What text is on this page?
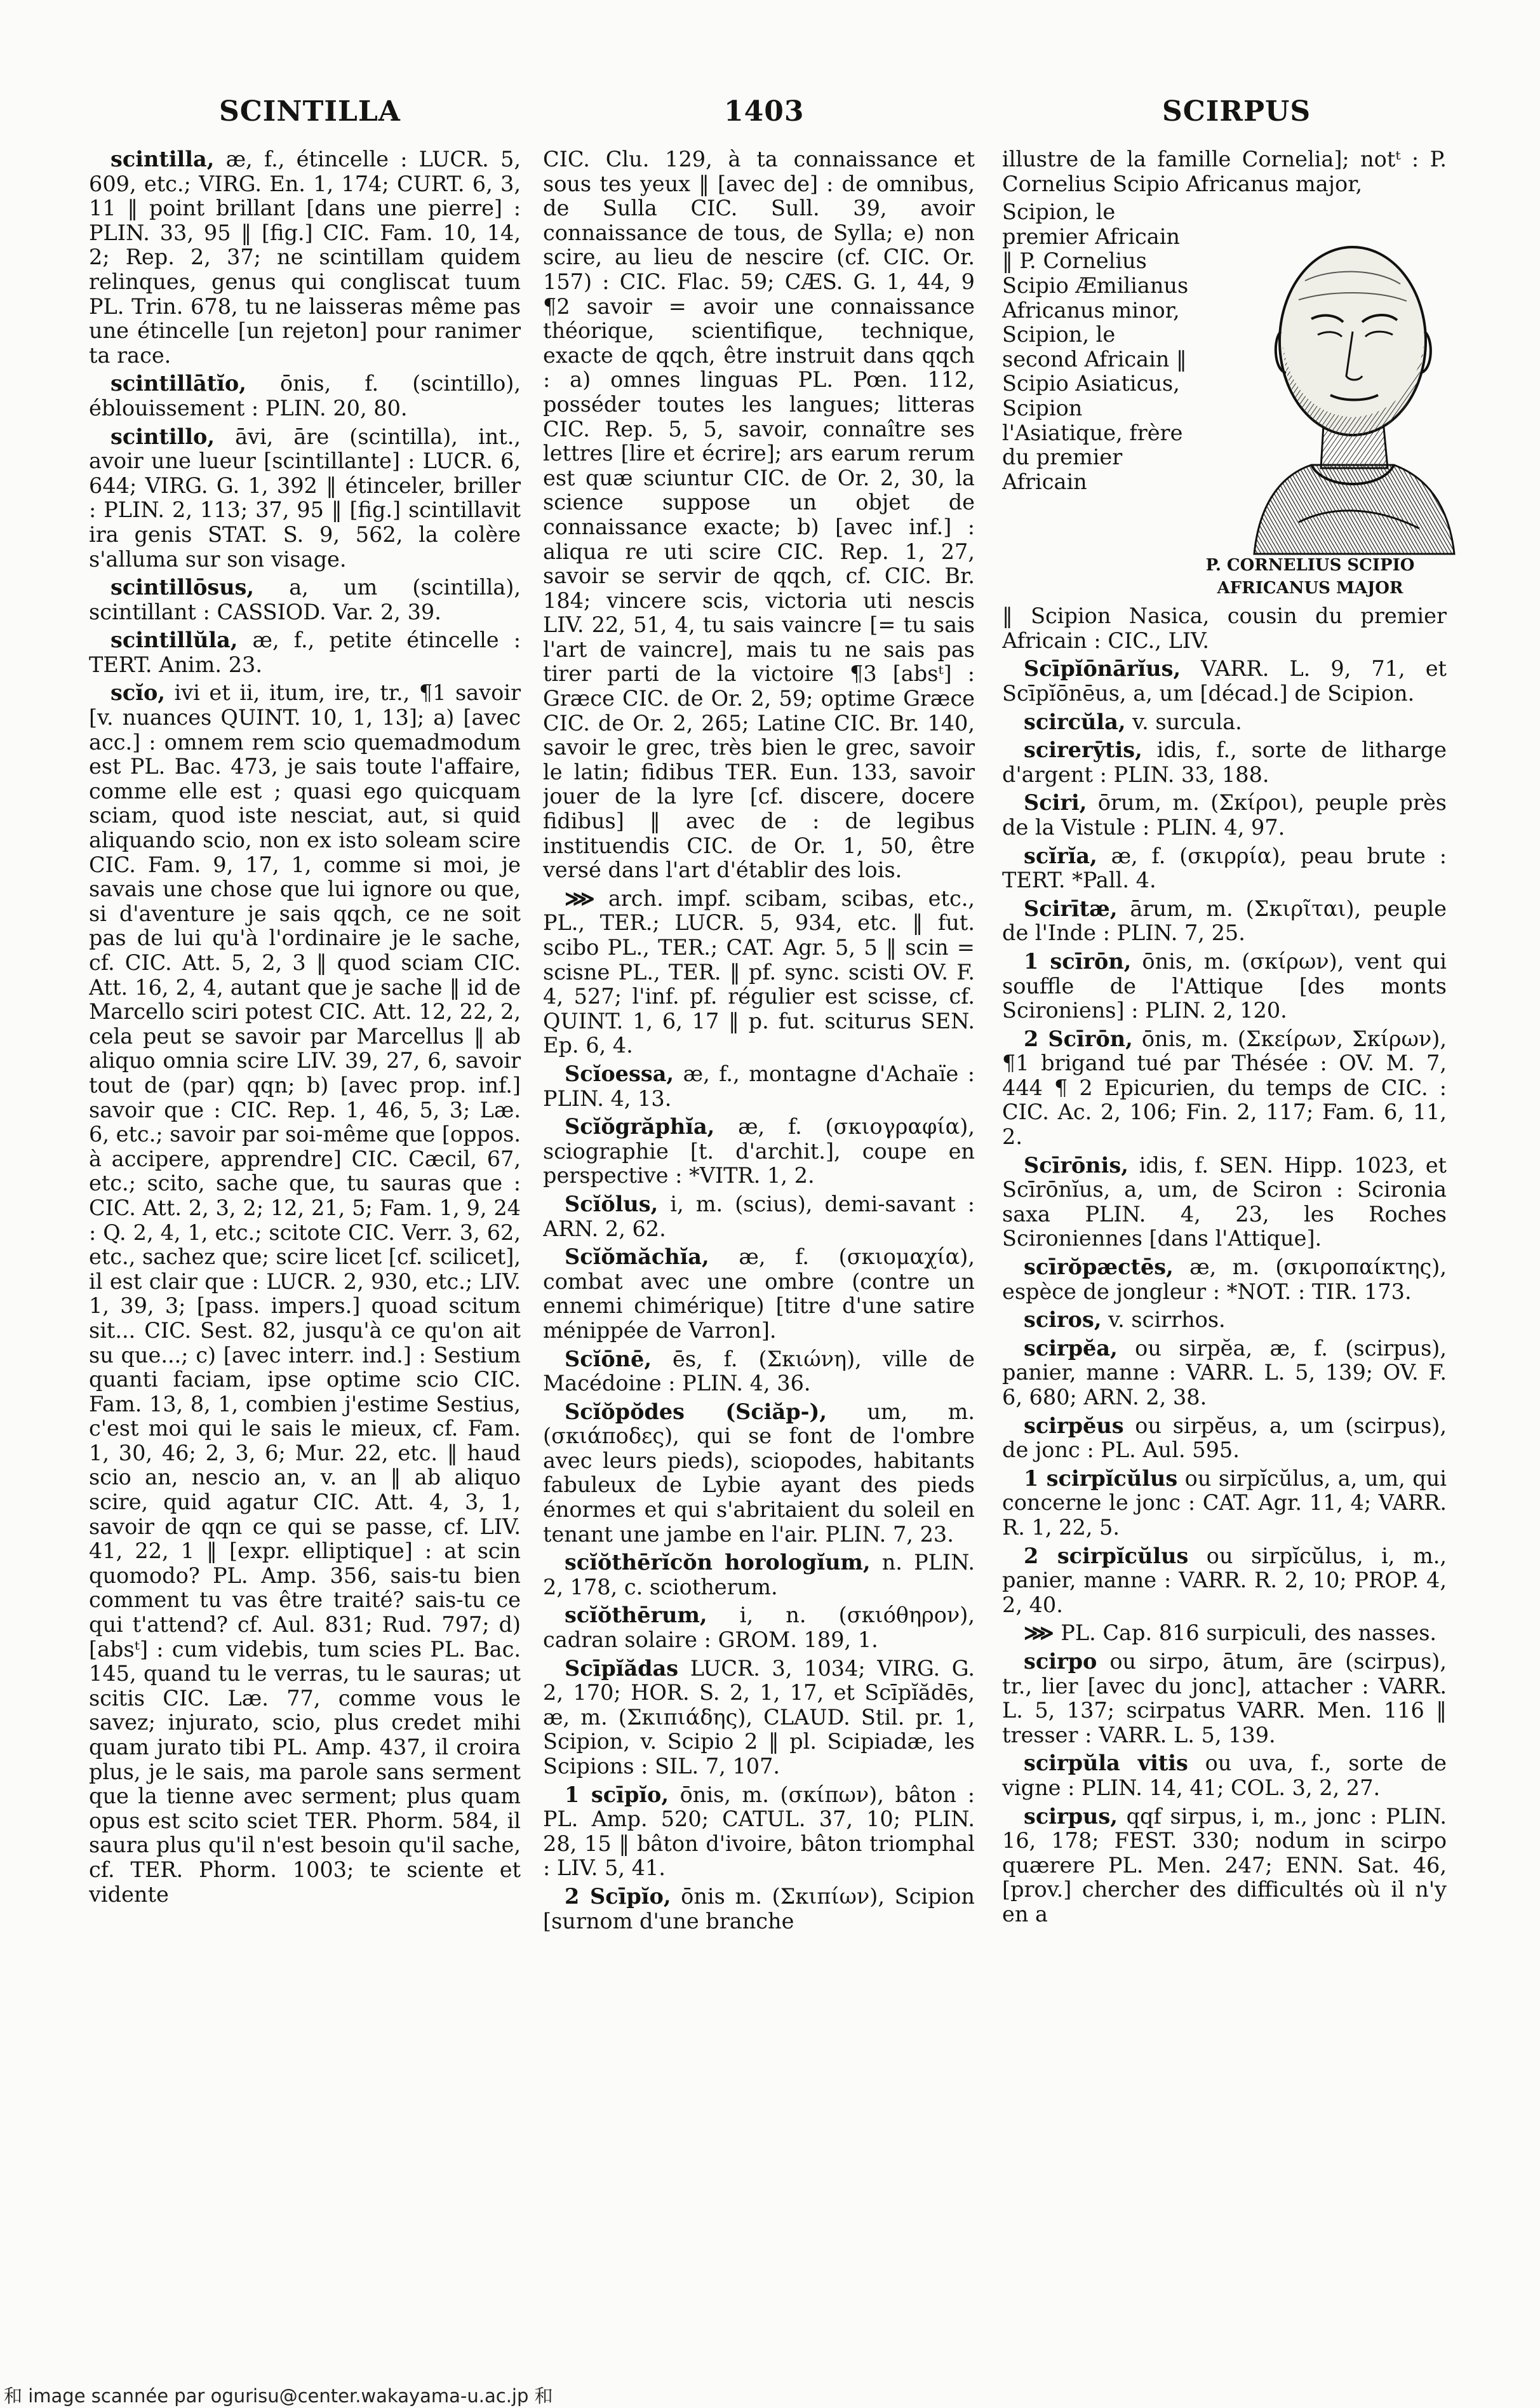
SCINTILLA	1403	SCIRPUS

scintilla, æ, f., étincelle : LUCR. 5, 609, etc.; VIRG. En. 1, 174; CURT. 6, 3, 11 ‖ point brillant [dans une pierre] : PLIN. 33, 95 ‖ [fig.] CIC. Fam. 10, 14, 2; Rep. 2, 37; ne scintillam quidem relinques, genus qui congliscat tuum PL. Trin. 678, tu ne laisseras même pas une étincelle [un rejeton] pour ranimer ta race.

scintillātĭo, ōnis, f. (scintillo), éblouissement : PLIN. 20, 80.

scintillo, āvi, āre (scintilla), int., avoir une lueur [scintillante] : LUCR. 6, 644; VIRG. G. 1, 392 ‖ étinceler, briller : PLIN. 2, 113; 37, 95 ‖ [fig.] scintillavit ira genis STAT. S. 9, 562, la colère s'alluma sur son visage.

scintillōsus, a, um (scintilla), scintillant : CASSIOD. Var. 2, 39.

scintillŭla, æ, f., petite étincelle : TERT. Anim. 23.

scĭo, ivi et ii, itum, ire, tr., ¶1 savoir [v. nuances QUINT. 10, 1, 13]; a) [avec acc.] : omnem rem scio quemadmodum est PL. Bac. 473, je sais toute l'affaire, comme elle est ; quasi ego quicquam sciam, quod iste nesciat, aut, si quid aliquando scio, non ex isto soleam scire CIC. Fam. 9, 17, 1, comme si moi, je savais une chose que lui ignore ou que, si d'aventure je sais qqch, ce ne soit pas de lui qu'à l'ordinaire je le sache, cf. CIC. Att. 5, 2, 3 ‖ quod sciam CIC. Att. 16, 2, 4, autant que je sache ‖ id de Marcello sciri potest CIC. Att. 12, 22, 2, cela peut se savoir par Marcellus ‖ ab aliquo omnia scire LIV. 39, 27, 6, savoir tout de (par) qqn; b) [avec prop. inf.] savoir que : CIC. Rep. 1, 46, 5, 3; Læ. 6, etc.; savoir par soi-même que [oppos. à accipere, apprendre] CIC. Cæcil, 67, etc.; scito, sache que, tu sauras que : CIC. Att. 2, 3, 2; 12, 21, 5; Fam. 1, 9, 24 : Q. 2, 4, 1, etc.; scitote CIC. Verr. 3, 62, etc., sachez que; scire licet [cf. scilicet], il est clair que : LUCR. 2, 930, etc.; LIV. 1, 39, 3; [pass. impers.] quoad scitum sit... CIC. Sest. 82, jusqu'à ce qu'on ait su que...; c) [avec interr. ind.] : Sestium quanti faciam, ipse optime scio CIC. Fam. 13, 8, 1, combien j'estime Sestius, c'est moi qui le sais le mieux, cf. Fam. 1, 30, 46; 2, 3, 6; Mur. 22, etc. ‖ haud scio an, nescio an, v. an ‖ ab aliquo scire, quid agatur CIC. Att. 4, 3, 1, savoir de qqn ce qui se passe, cf. LIV. 41, 22, 1 ‖ [expr. elliptique] : at scin quomodo? PL. Amp. 356, sais-tu bien comment tu vas être traité? sais-tu ce qui t'attend? cf. Aul. 831; Rud. 797; d) [absᵗ] : cum videbis, tum scies PL. Bac. 145, quand tu le verras, tu le sauras; ut scitis CIC. Læ. 77, comme vous le savez; injurato, scio, plus credet mihi quam jurato tibi PL. Amp. 437, il croira plus, je le sais, ma parole sans serment que la tienne avec serment; plus quam opus est scito sciet TER. Phorm. 584, il saura plus qu'il n'est besoin qu'il sache, cf. TER. Phorm. 1003; te sciente et vidente

CIC. Clu. 129, à ta connaissance et sous tes yeux ‖ [avec de] : de omnibus, de Sulla CIC. Sull. 39, avoir connaissance de tous, de Sylla; e) non scire, au lieu de nescire (cf. CIC. Or. 157) : CIC. Flac. 59; CÆS. G. 1, 44, 9 ¶2 savoir = avoir une connaissance théorique, scientifique, technique, exacte de qqch, être instruit dans qqch : a) omnes linguas PL. Pœn. 112, posséder toutes les langues; litteras CIC. Rep. 5, 5, savoir, connaître ses lettres [lire et écrire]; ars earum rerum est quæ sciuntur CIC. de Or. 2, 30, la science suppose un objet de connaissance exacte; b) [avec inf.] : aliqua re uti scire CIC. Rep. 1, 27, savoir se servir de qqch, cf. CIC. Br. 184; vincere scis, victoria uti nescis LIV. 22, 51, 4, tu sais vaincre [= tu sais l'art de vaincre], mais tu ne sais pas tirer parti de la victoire ¶3 [absᵗ] : Græce CIC. de Or. 2, 59; optime Græce CIC. de Or. 2, 265; Latine CIC. Br. 140, savoir le grec, très bien le grec, savoir le latin; fidibus TER. Eun. 133, savoir jouer de la lyre [cf. discere, docere fidibus] ‖ avec de : de legibus instituendis CIC. de Or. 1, 50, être versé dans l'art d'établir des lois.

⋙ arch. impf. scibam, scibas, etc., PL., TER.; LUCR. 5, 934, etc. ‖ fut. scibo PL., TER.; CAT. Agr. 5, 5 ‖ scin = scisne PL., TER. ‖ pf. sync. scisti OV. F. 4, 527; l'inf. pf. régulier est scisse, cf. QUINT. 1, 6, 17 ‖ p. fut. sciturus SEN. Ep. 6, 4.

Scĭoessa, æ, f., montagne d'Achaïe : PLIN. 4, 13.

Scĭŏgrăphĭa, æ, f. (σκιογραφία), sciographie [t. d'archit.], coupe en perspective : *VITR. 1, 2.

Scĭŏlus, i, m. (scius), demi-savant : ARN. 2, 62.

Scĭŏmăchĭa, æ, f. (σκιομαχία), combat avec une ombre (contre un ennemi chimérique) [titre d'une satire ménippée de Varron].

Scĭōnē, ēs, f. (Σκιώνη), ville de Macédoine : PLIN. 4, 36.

Scĭŏpŏdes (Sciăp-), um, m. (σκιάποδες), qui se font de l'ombre avec leurs pieds), sciopodes, habitants fabuleux de Lybie ayant des pieds énormes et qui s'abritaient du soleil en tenant une jambe en l'air. PLIN. 7, 23.

scĭŏthērĭcŏn horologĭum, n. PLIN. 2, 178, c. sciotherum.

scĭŏthērum, i, n. (σκιόθηρον), cadran solaire : GROM. 189, 1.

Scīpĭădas LUCR. 3, 1034; VIRG. G. 2, 170; HOR. S. 2, 1, 17, et Scīpĭădēs, æ, m. (Σκιπιάδης), CLAUD. Stil. pr. 1, Scipion, v. Scipio 2 ‖ pl. Scipiadæ, les Scipions : SIL. 7, 107.

1 scīpĭo, ōnis, m. (σκίπων), bâton : PL. Amp. 520; CATUL. 37, 10; PLIN. 28, 15 ‖ bâton d'ivoire, bâton triomphal : LIV. 5, 41.

2 Scīpĭo, ōnis m. (Σκιπίων), Scipion [surnom d'une branche

illustre de la famille Cornelia]; notᵗ : P. Cornelius Scipio Africanus major,

Scipion, le premier Africain ‖ P. Cornelius Scipio Æmilianus Africanus minor, Scipion, le second Africain ‖ Scipio Asiaticus, Scipion l'Asiatique, frère du premier Africain

‖ Scipion Nasica, cousin du premier Africain : CIC., LIV.

Scīpĭōnārĭus, VARR. L. 9, 71, et Scīpĭōnēus, a, um [décad.] de Scipion.

scircŭla, v. surcula.

scirerȳtis, idis, f., sorte de litharge d'argent : PLIN. 33, 188.

Sciri, ōrum, m. (Σκίροι), peuple près de la Vistule : PLIN. 4, 97.

scĭrĭa, æ, f. (σκιρρία), peau brute : TERT. *Pall. 4.

Scirītæ, ārum, m. (Σκιρῖται), peuple de l'Inde : PLIN. 7, 25.

1 scīrōn, ōnis, m. (σκίρων), vent qui souffle de l'Attique [des monts Scironiens] : PLIN. 2, 120.

2 Scīrōn, ōnis, m. (Σκείρων, Σκίρων), ¶1 brigand tué par Thésée : OV. M. 7, 444 ¶ 2 Epicurien, du temps de CIC. : CIC. Ac. 2, 106; Fin. 2, 117; Fam. 6, 11, 2.

Scīrōnis, idis, f. SEN. Hipp. 1023, et Scīrōnĭus, a, um, de Sciron : Scironia saxa PLIN. 4, 23, les Roches Scironiennes [dans l'Attique].

scīrŏpæctēs, æ, m. (σκιροπαίκτης), espèce de jongleur : *NOT. : TIR. 173.

sciros, v. scirrhos.

scirpĕa, ou sirpĕa, æ, f. (scirpus), panier, manne : VARR. L. 5, 139; OV. F. 6, 680; ARN. 2, 38.

scirpĕus ou sirpĕus, a, um (scirpus), de jonc : PL. Aul. 595.

1 scirpĭcŭlus ou sirpĭcŭlus, a, um, qui concerne le jonc : CAT. Agr. 11, 4; VARR. R. 1, 22, 5.

2 scirpĭcŭlus ou sirpĭcŭlus, i, m., panier, manne : VARR. R. 2, 10; PROP. 4, 2, 40.

⋙ PL. Cap. 816 surpiculi, des nasses.

scirpo ou sirpo, ātum, āre (scirpus), tr., lier [avec du jonc], attacher : VARR. L. 5, 137; scirpatus VARR. Men. 116 ‖ tresser : VARR. L. 5, 139.

scirpŭla vitis ou uva, f., sorte de vigne : PLIN. 14, 41; COL. 3, 2, 27.

scirpus, qqf sirpus, i, m., jonc : PLIN. 16, 178; FEST. 330; nodum in scirpo quærere PL. Men. 247; ENN. Sat. 46, [prov.] chercher des difficultés où il n'y en a

P. CORNELIUS SCIPIO
AFRICANUS MAJOR
和 image scannée par ogurisu@center.wakayama-u.ac.jp 和
